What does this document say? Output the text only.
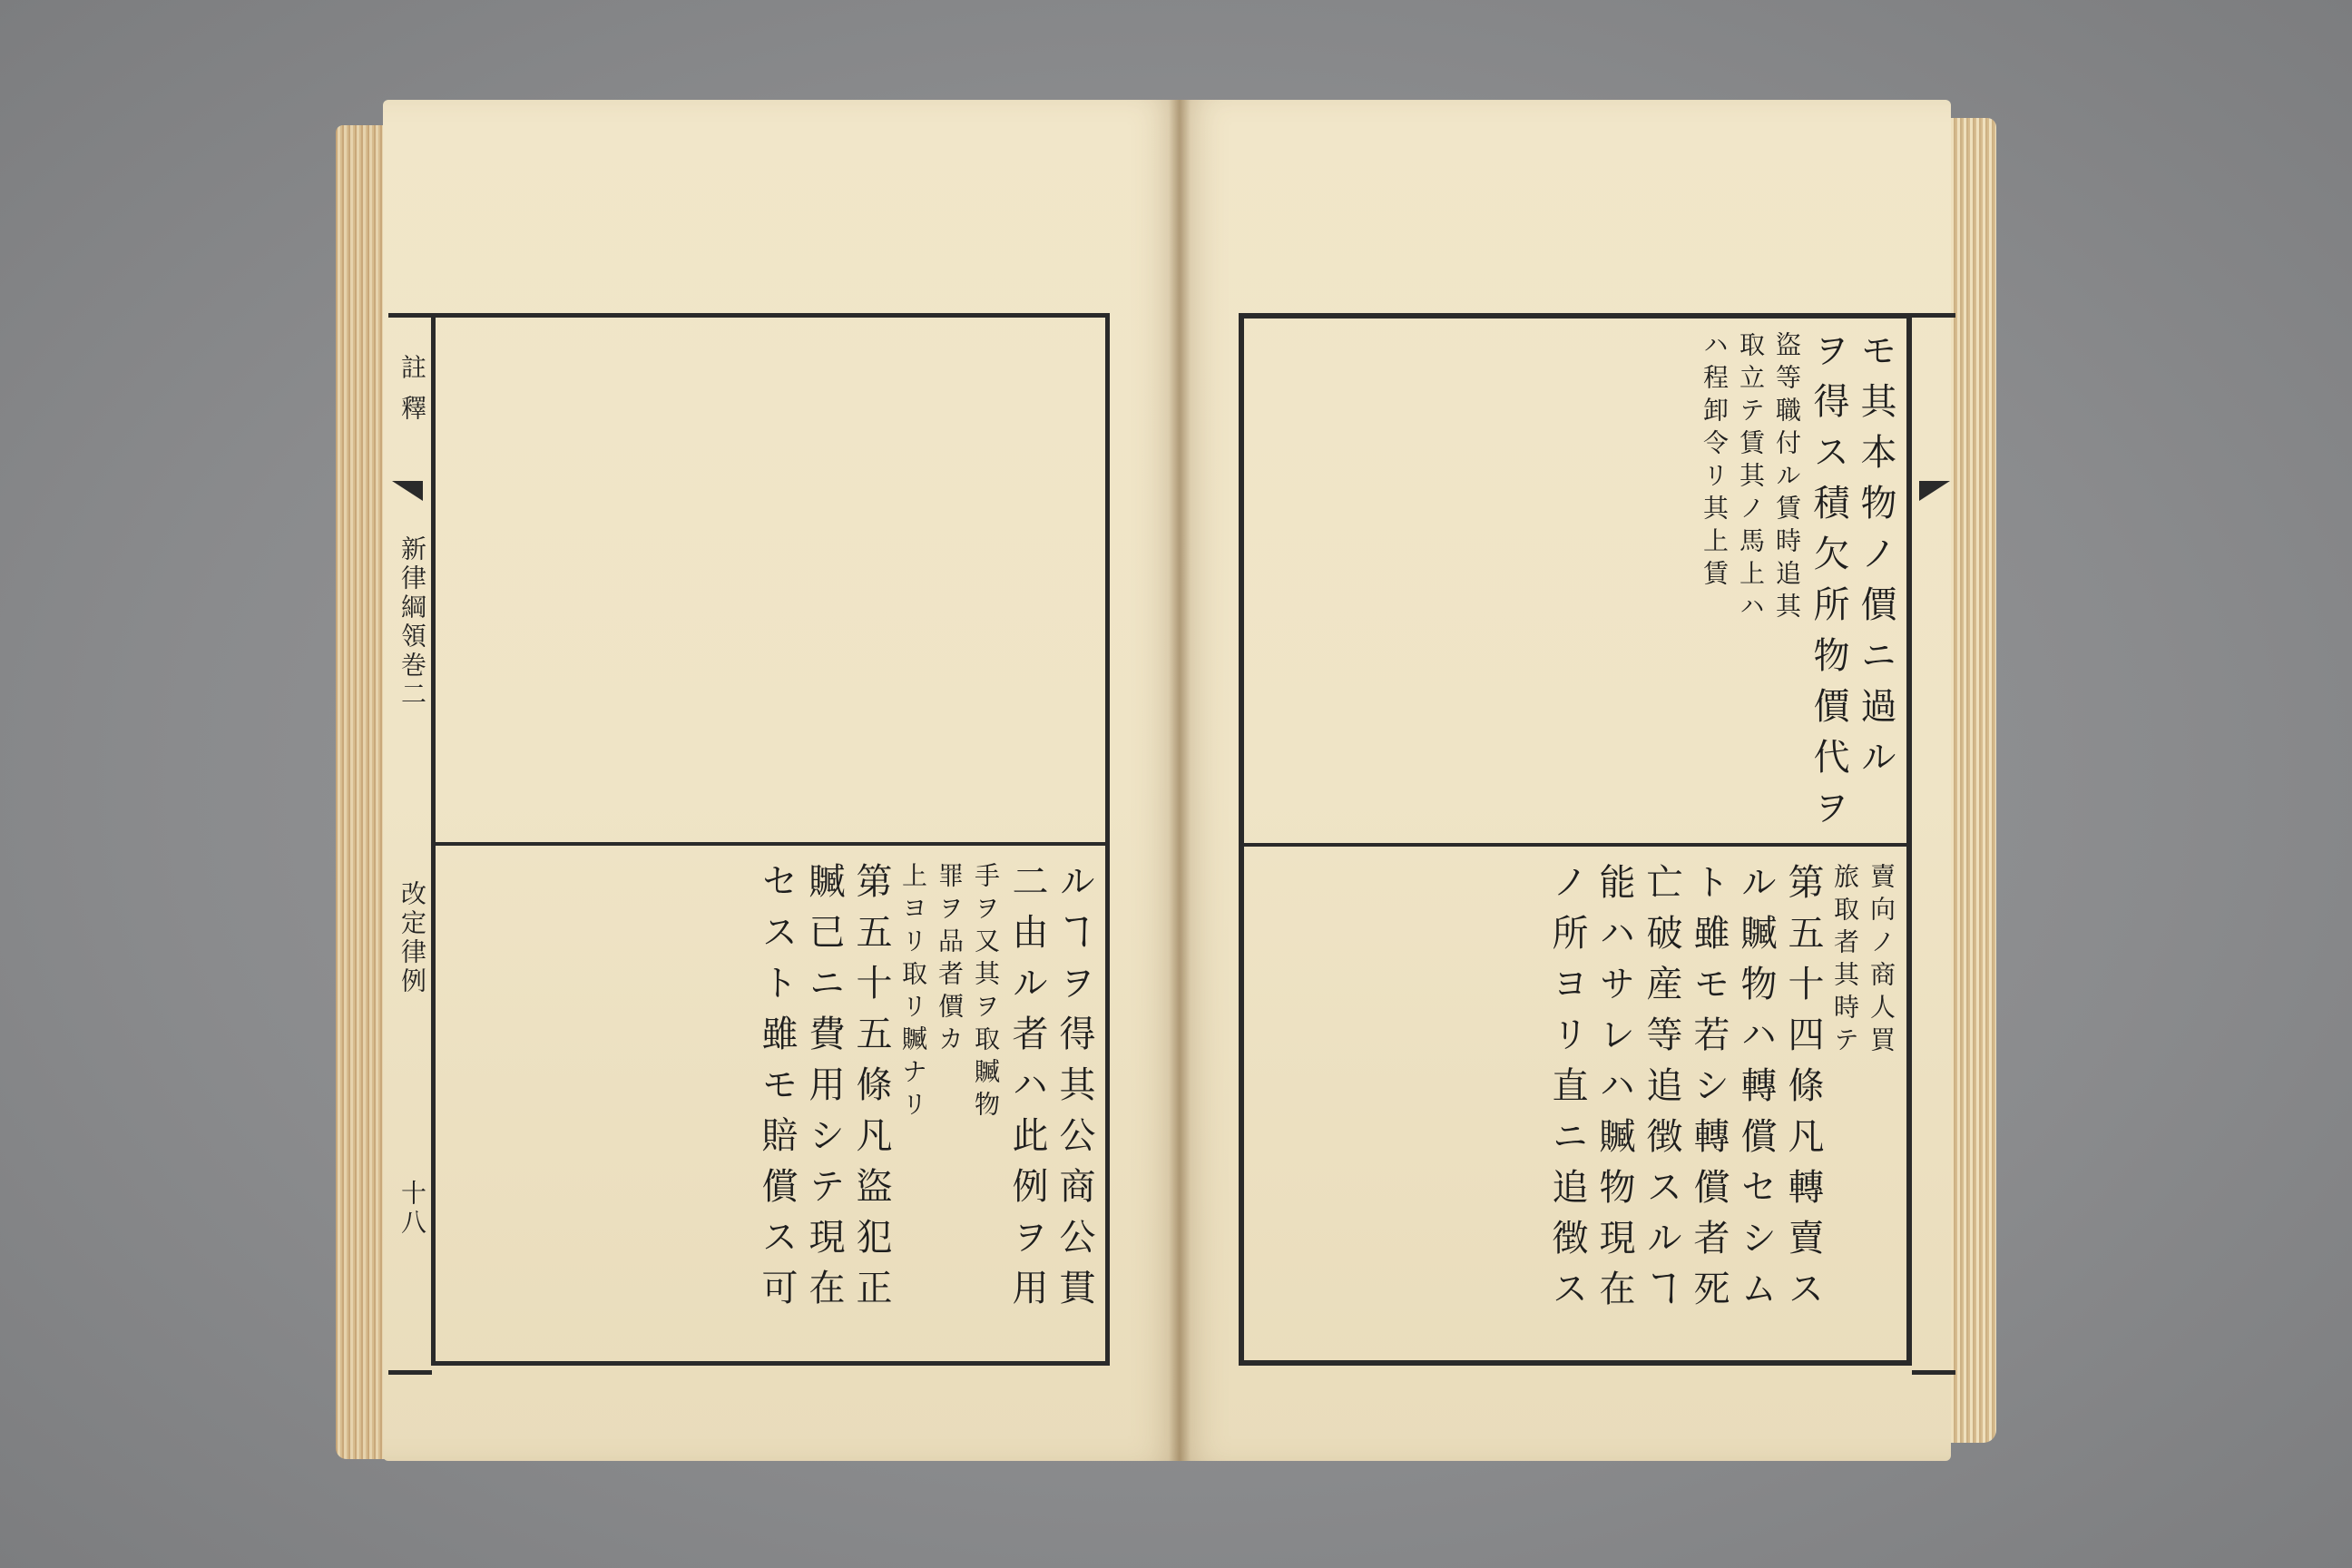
註 釋
新律綱領巻二
改定律例
十八	ルヿヲ得其公商公貫
二由ル者ハ此例ヲ用
手ヲ又其ヲ取贓物
罪ヲ品者價カ
上ヨリ取リ贓ナリ
第五十五條凡盜犯正
贓已ニ費用シテ現在
セスト雖モ賠償ス可
モ其本物ノ價ニ過ル
ヲ得ス積欠所物價代ヲ
盜等職付ル賃時追其
取立テ賃其ノ馬上ハ
ハ程卸令リ其上賃
賣向ノ商人買
旅取者其時テ
第五十四條凡轉賣ス
ル贓物ハ轉償セシム
ト雖モ若シ轉償者死
亡破産等追徴スルヿ
能ハサレハ贓物現在
ノ所ヨリ直ニ追徴ス
